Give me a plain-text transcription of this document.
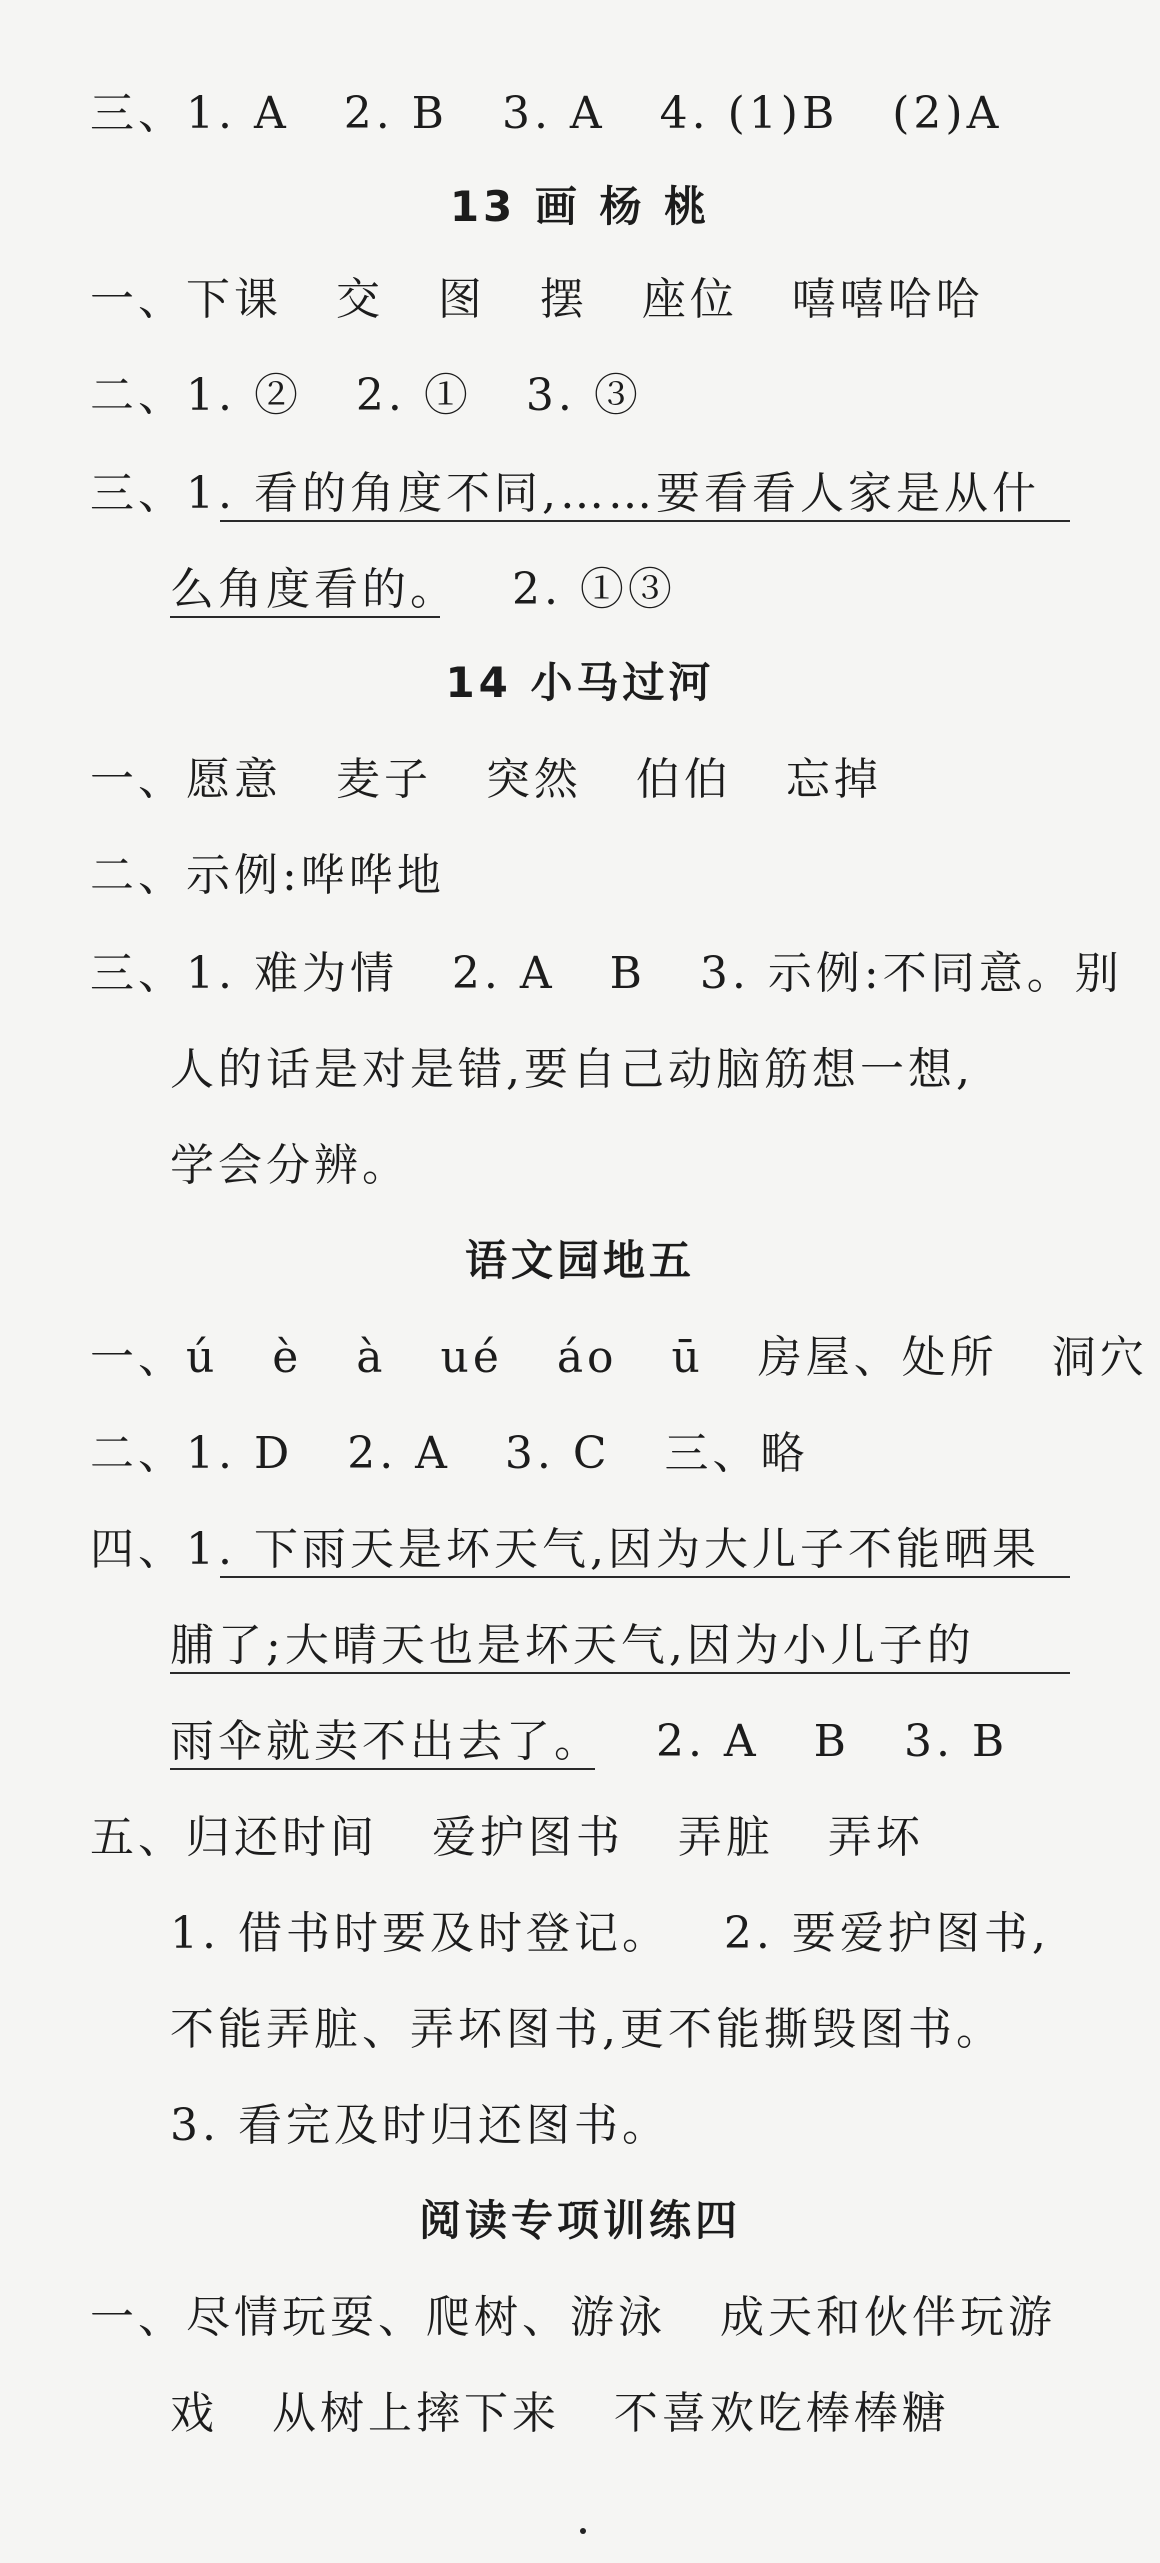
三、1. A   2. B   3. A   4. (1)B   (2)A
13 画 杨 桃
一、下课   交   图   摆   座位   嘻嘻哈哈
二、1. ②   2. ①   3. ③
三、1. 看的角度不同,……要看看人家是从什
么角度看的。   2. ①③
14 小马过河
一、愿意   麦子   突然   伯伯   忘掉
二、示例:哗哗地
三、1. 难为情   2. A   B   3. 示例:不同意。别
人的话是对是错,要自己动脑筋想一想,
学会分辨。
语文园地五
一、ú   è   à   ué   áo   ū   房屋、处所   洞穴
二、1. D   2. A   3. C   三、略
四、1. 下雨天是坏天气,因为大儿子不能晒果
脯了;大晴天也是坏天气,因为小儿子的
雨伞就卖不出去了。   2. A   B   3. B
五、归还时间   爱护图书   弄脏   弄坏
1. 借书时要及时登记。   2. 要爱护图书,
不能弄脏、弄坏图书,更不能撕毁图书。
3. 看完及时归还图书。
阅读专项训练四
一、尽情玩耍、爬树、游泳   成天和伙伴玩游
戏   从树上摔下来   不喜欢吃棒棒糖
